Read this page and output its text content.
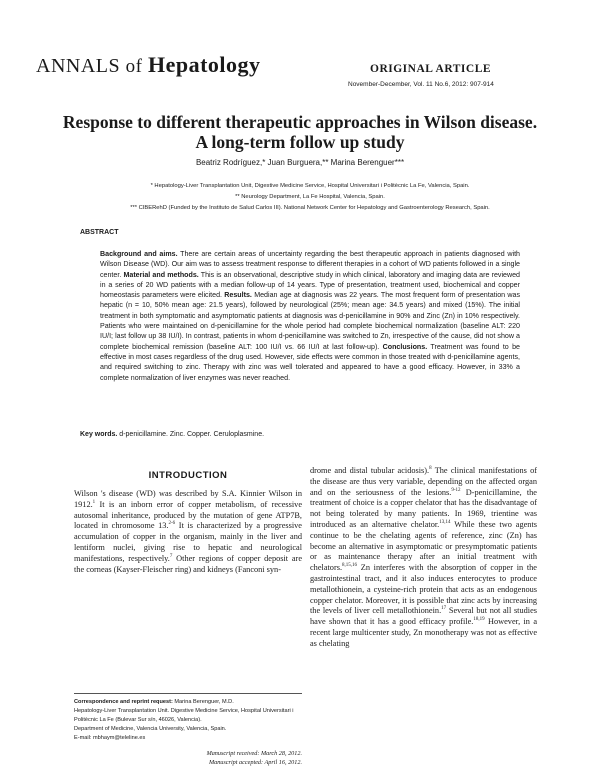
ANNALS of Hepatology	ORIGINAL ARTICLE
November-December, Vol. 11 No.6, 2012: 907-914
Response to different therapeutic approaches in Wilson disease.
A long-term follow up study
Beatriz Rodríguez,* Juan Burguera,** Marina Berenguer***
* Hepatology-Liver Transplantation Unit, Digestive Medicine Service, Hospital Universitari i Politècnic La Fe, Valencia, Spain.
** Neurology Department, La Fe Hospital, Valencia, Spain.
*** CIBERehD (Funded by the Instituto de Salud Carlos III). National Network Center for Hepatology and Gastroenterology Research, Spain.
ABSTRACT
Background and aims. There are certain areas of uncertainty regarding the best therapeutic approach in patients diagnosed with Wilson Disease (WD). Our aim was to assess treatment response to different therapies in a cohort of WD patients followed in a single center. Material and methods. This is an observational, descriptive study in which clinical, laboratory and imaging data are reviewed in a series of 20 WD patients with a median follow-up of 14 years. Type of presentation, treatment used, biochemical and copper homeostasis parameters were elicited. Results. Median age at diagnosis was 22 years. The most frequent form of presentation was hepatic (n = 10, 50% mean age: 21.5 years), followed by neurological (25%; mean age: 34.5 years) and mixed (15%). The initial treatment in both symptomatic and asymptomatic patients at diagnosis was d-penicillamine in 90% and Zinc (Zn) in 10% respectively. Patients who were maintained on d-penicillamine for the whole period had complete biochemical normalization (baseline ALT: 220 IU/I; last follow up 38 IU/I). In contrast, patients in whom d-penicillamine was switched to Zn, irrespective of the cause, did not show a complete biochemical remission (baseline ALT: 100 IU/I vs. 66 IU/I at last follow-up). Conclusions. Treatment was found to be effective in most cases regardless of the drug used. However, side effects were common in those treated with d-penicillamine agents, and required switching to zinc. Therapy with zinc was well tolerated and appeared to have a good efficacy. However, in 33% a complete normalization of liver enzymes was never reached.
Key words. d-penicillamine. Zinc. Copper. Ceruloplasmine.
INTRODUCTION
Wilson 's disease (WD) was described by S.A. Kinnier Wilson in 1912.$^1$ It is an inborn error of copper metabolism, of recessive autosomal inheritance, produced by the mutation of gene ATP7B, located in chromosome 13.$^{2-6}$ It is characterized by a progressive accumulation of copper in the organism, mainly in the liver and lentiform nuclei, giving rise to hepatic and neurological manifestations, respectively.$^7$ Other regions of copper deposit are the corneas (Kayser-Fleischer ring) and kidneys (Fanconi syn-
drome and distal tubular acidosis).$^8$ The clinical manifestations of the disease are thus very variable, depending on the affected organ and on the seriousness of the lesions.$^{9-12}$ D-penicillamine, the treatment of choice is a copper chelator that has the disadvantage of not being tolerated by many patients. In 1969, trientine was introduced as an alternative chelator.$^{13,14}$ While these two agents continue to be the chelating agents of reference, zinc (Zn) has become an alternative in asymptomatic or presymptomatic patients or as maintenance therapy after an initial treatment with chelators.$^{8,15,16}$ Zn interferes with the absorption of copper in the gastrointestinal tract, and it also induces enterocytes to produce metallothionein, a cysteine-rich protein that acts as an endogenous copper chelator. Moreover, it is possible that zinc acts by increasing the levels of liver cell metallothionein.$^{17}$ Several but not all studies have shown that it has a good efficacy profile.$^{18,19}$ However, in a recent large multicenter study, Zn monotherapy was not as effective as chelating
Correspondence and reprint request: Marina Berenguer, M.D.
Hepatology-Liver Transplantation Unit. Digestive Medicine Service, Hospital Universitari i Politècnic La Fe (Bulevar Sur s/n, 46026, Valencia).
Department of Medicine, Valencia University, Valencia, Spain.
E-mail: mbhaym@teleline.es
Manuscript received: March 28, 2012.
Manuscript accepted: April 16, 2012.
